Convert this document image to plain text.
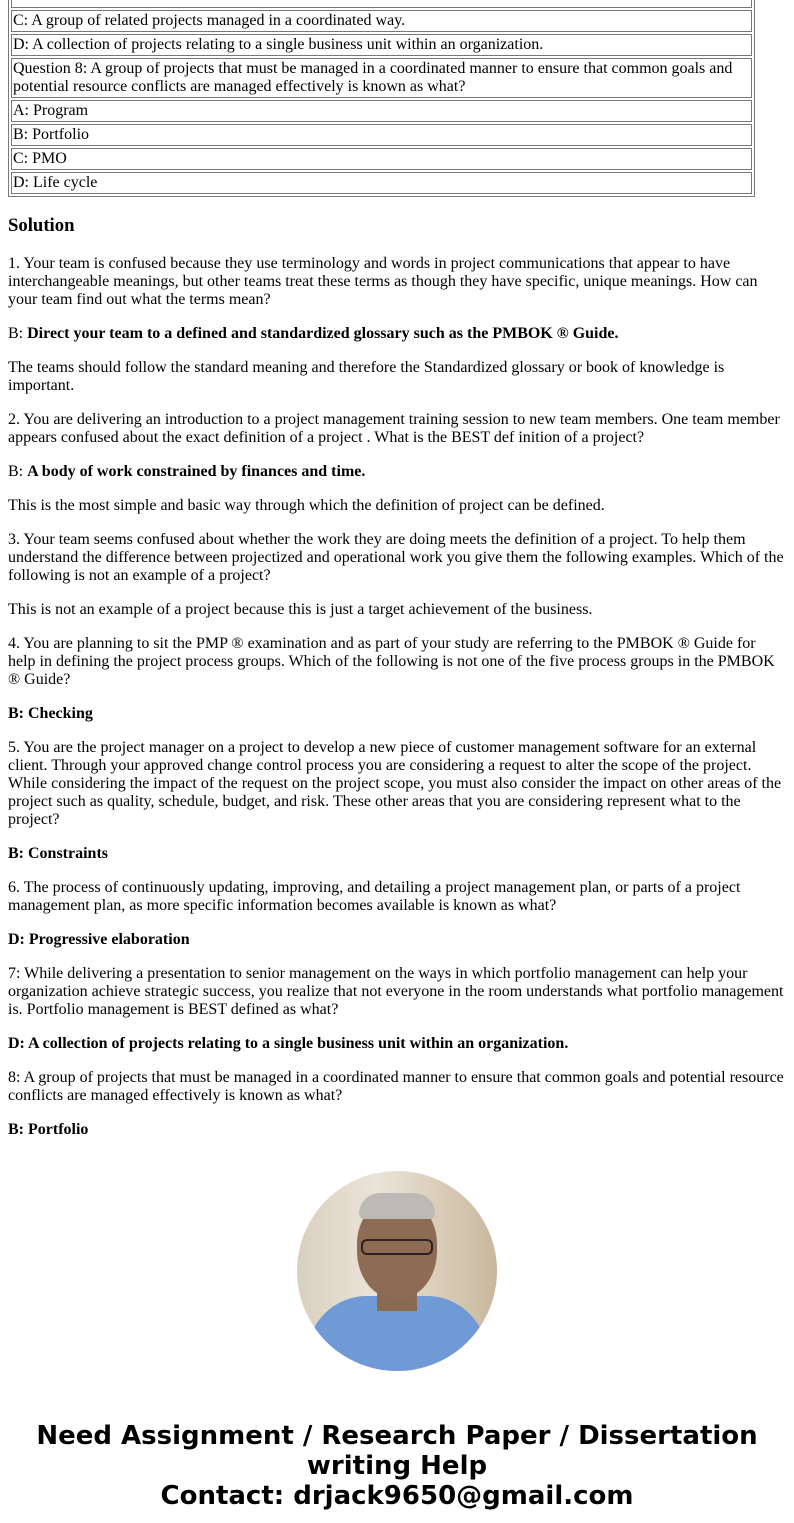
C: A group of related projects managed in a coordinated way.
D: A collection of projects relating to a single business unit within an organization.
Question 8: A group of projects that must be managed in a coordinated manner to ensure that common goals and potential resource conflicts are managed effectively is known as what?
A: Program
B: Portfolio
C: PMO
D: Life cycle
Solution

1. Your team is confused because they use terminology and words in project communications that appear to have interchangeable meanings, but other teams treat these terms as though they have specific, unique meanings. How can your team find out what the terms mean?

B: Direct your team to a defined and standardized glossary such as the PMBOK ® Guide.

The teams should follow the standard meaning and therefore the Standardized glossary or book of knowledge is important.

2. You are delivering an introduction to a project management training session to new team members. One team member appears confused about the exact definition of a project . What is the BEST def inition of a project?

B: A body of work constrained by finances and time.

This is the most simple and basic way through which the definition of project can be defined.

3. Your team seems confused about whether the work they are doing meets the definition of a project. To help them understand the difference between projectized and operational work you give them the following examples. Which of the following is not an example of a project?

This is not an example of a project because this is just a target achievement of the business.

4. You are planning to sit the PMP ® examination and as part of your study are referring to the PMBOK ® Guide for help in defining the project process groups. Which of the following is not one of the five process groups in the PMBOK ® Guide?

B: Checking

5. You are the project manager on a project to develop a new piece of customer management software for an external client. Through your approved change control process you are considering a request to alter the scope of the project. While considering the impact of the request on the project scope, you must also consider the impact on other areas of the project such as quality, schedule, budget, and risk. These other areas that you are considering represent what to the project?

B: Constraints

6. The process of continuously updating, improving, and detailing a project management plan, or parts of a project management plan, as more specific information becomes available is known as what?

D: Progressive elaboration

7: While delivering a presentation to senior management on the ways in which portfolio management can help your organization achieve strategic success, you realize that not everyone in the room understands what portfolio management is. Portfolio management is BEST defined as what?

D: A collection of projects relating to a single business unit within an organization.

8: A group of projects that must be managed in a coordinated manner to ensure that common goals and potential resource conflicts are managed effectively is known as what?

B: Portfolio

Need Assignment / Research Paper / Dissertation writing Help
Contact: drjack9650@gmail.com
